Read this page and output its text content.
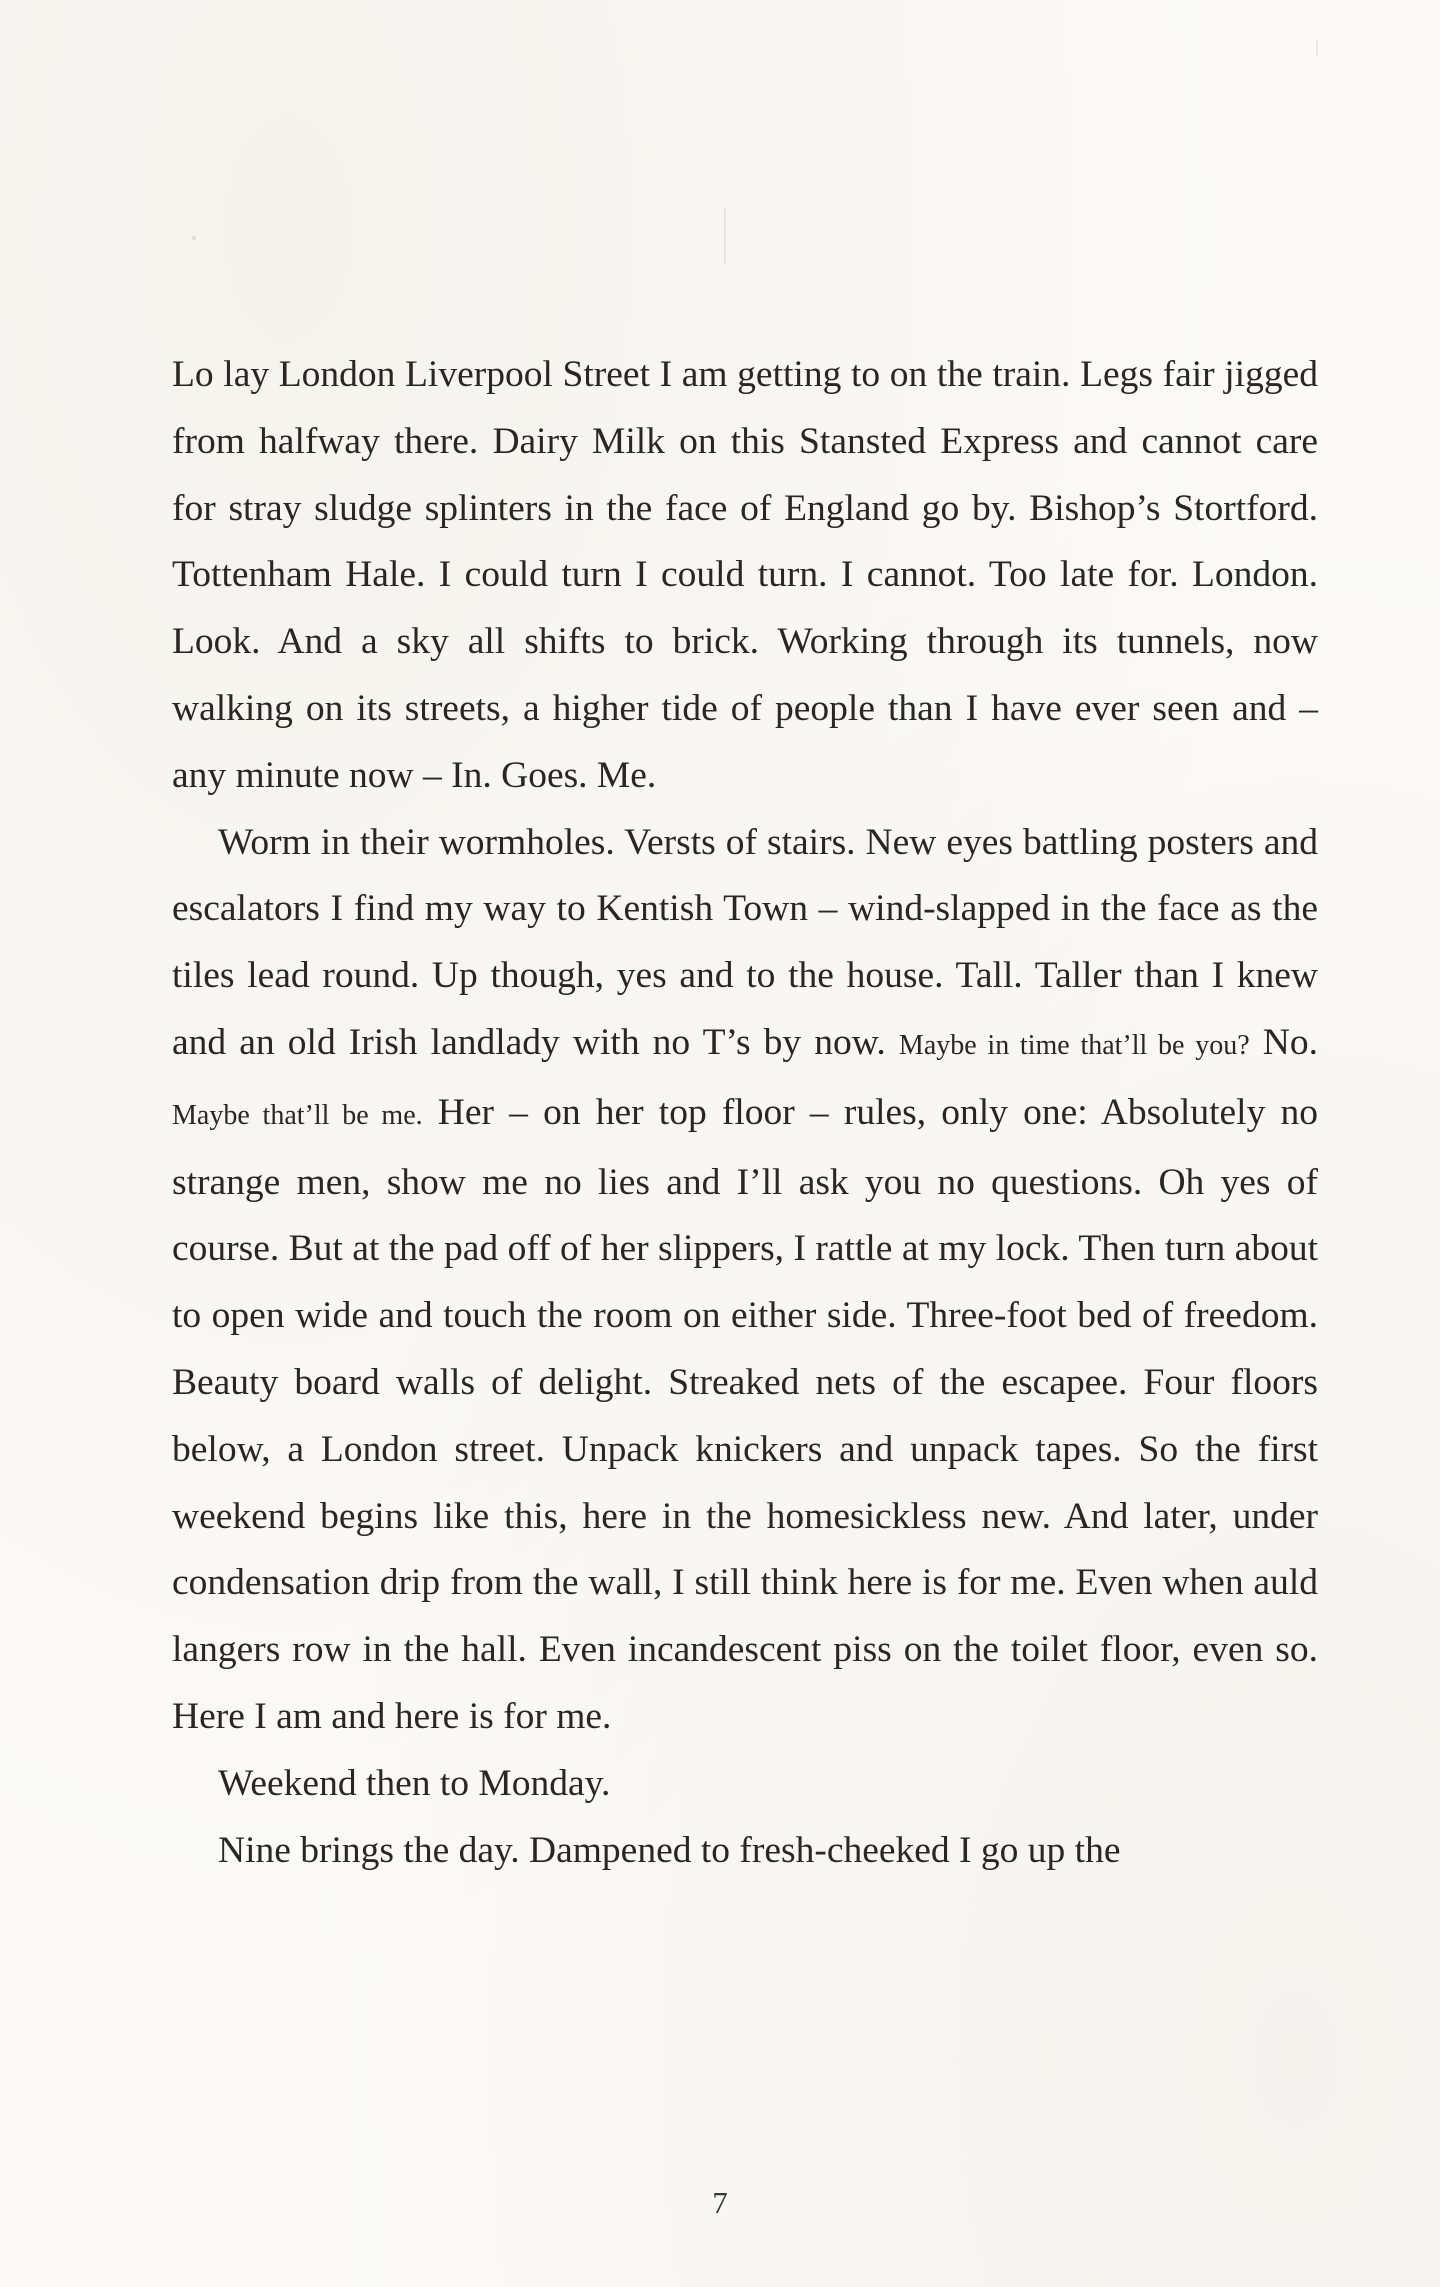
Lo lay London Liverpool Street I am getting to on the train. Legs fair jigged from halfway there. Dairy Milk on this Stansted Express and cannot care for stray sludge splinters in the face of England go by. Bishop’s Stortford. Tottenham Hale. I could turn I could turn. I cannot. Too late for. London. Look. And a sky all shifts to brick. Working through its tunnels, now walking on its streets, a higher tide of people than I have ever seen and – any minute now – In. Goes. Me.

Worm in their wormholes. Versts of stairs. New eyes battling posters and escalators I find my way to Kentish Town – wind-slapped in the face as the tiles lead round. Up though, yes and to the house. Tall. Taller than I knew and an old Irish landlady with no T’s by now. Maybe in time that’ll be you? No. Maybe that’ll be me. Her – on her top floor – rules, only one: Absolutely no strange men, show me no lies and I’ll ask you no questions. Oh yes of course. But at the pad off of her slippers, I rattle at my lock. Then turn about to open wide and touch the room on either side. Three-foot bed of freedom. Beauty board walls of delight. Streaked nets of the escapee. Four floors below, a London street. Unpack knickers and unpack tapes. So the first weekend begins like this, here in the homesickless new. And later, under condensation drip from the wall, I still think here is for me. Even when auld langers row in the hall. Even incandescent piss on the toilet floor, even so. Here I am and here is for me.

Weekend then to Monday.

Nine brings the day. Dampened to fresh-cheeked I go up the

7
